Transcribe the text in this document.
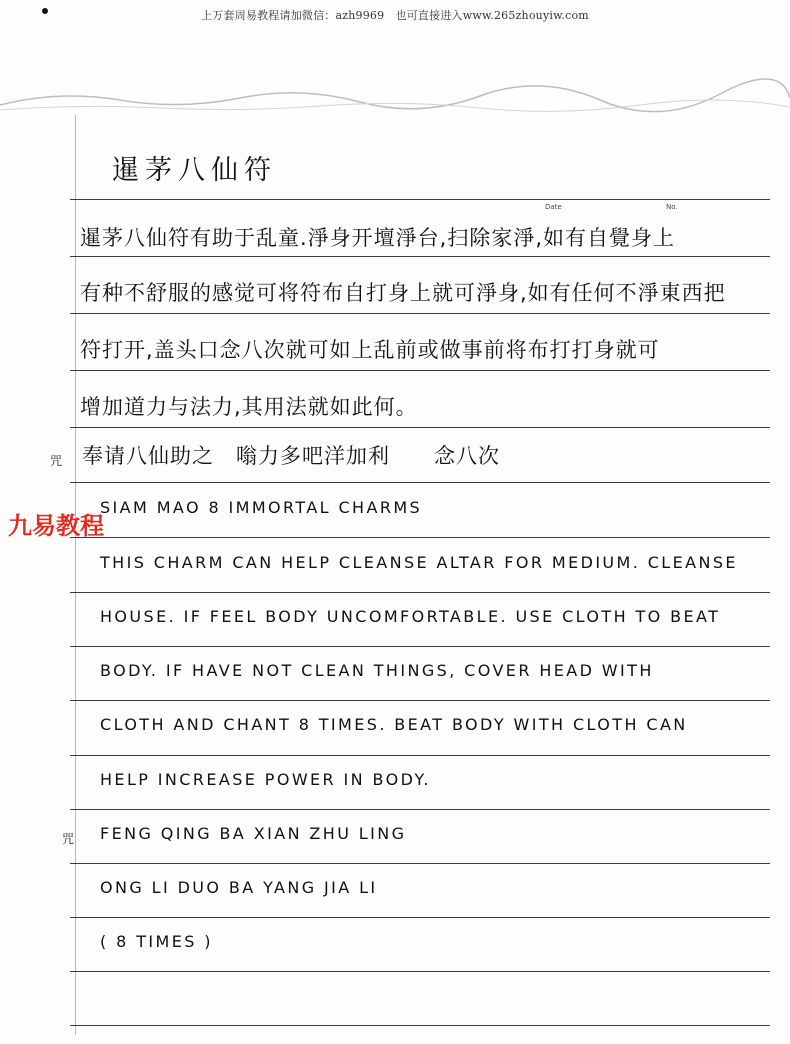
上万套周易教程请加微信：azh9969　也可直接进入www.265zhouyiw.com
Date	No.
暹茅八仙符
暹茅八仙符有助于乱童.淨身开壇淨台,扫除家淨,如有自覺身上
有种不舒服的感觉可将符布自打身上就可淨身,如有任何不淨東西把
符打开,盖头口念八次就可如上乱前或做事前将布打打身就可
增加道力与法力,其用法就如此何。
咒 奉请八仙助之　嗡力多吧洋加利　　念八次
九易教程
SIAM MAO 8 IMMORTAL CHARMS
THIS CHARM CAN HELP CLEANSE ALTAR FOR MEDIUM. CLEANSE
HOUSE. IF FEEL BODY UNCOMFORTABLE. USE CLOTH TO BEAT
BODY. IF HAVE NOT CLEAN THINGS, COVER HEAD WITH
CLOTH AND CHANT 8 TIMES. BEAT BODY WITH CLOTH CAN
HELP INCREASE POWER IN BODY.
咒 FENG QING BA XIAN ZHU LING
ONG LI DUO BA YANG JIA LI
( 8 TIMES )
